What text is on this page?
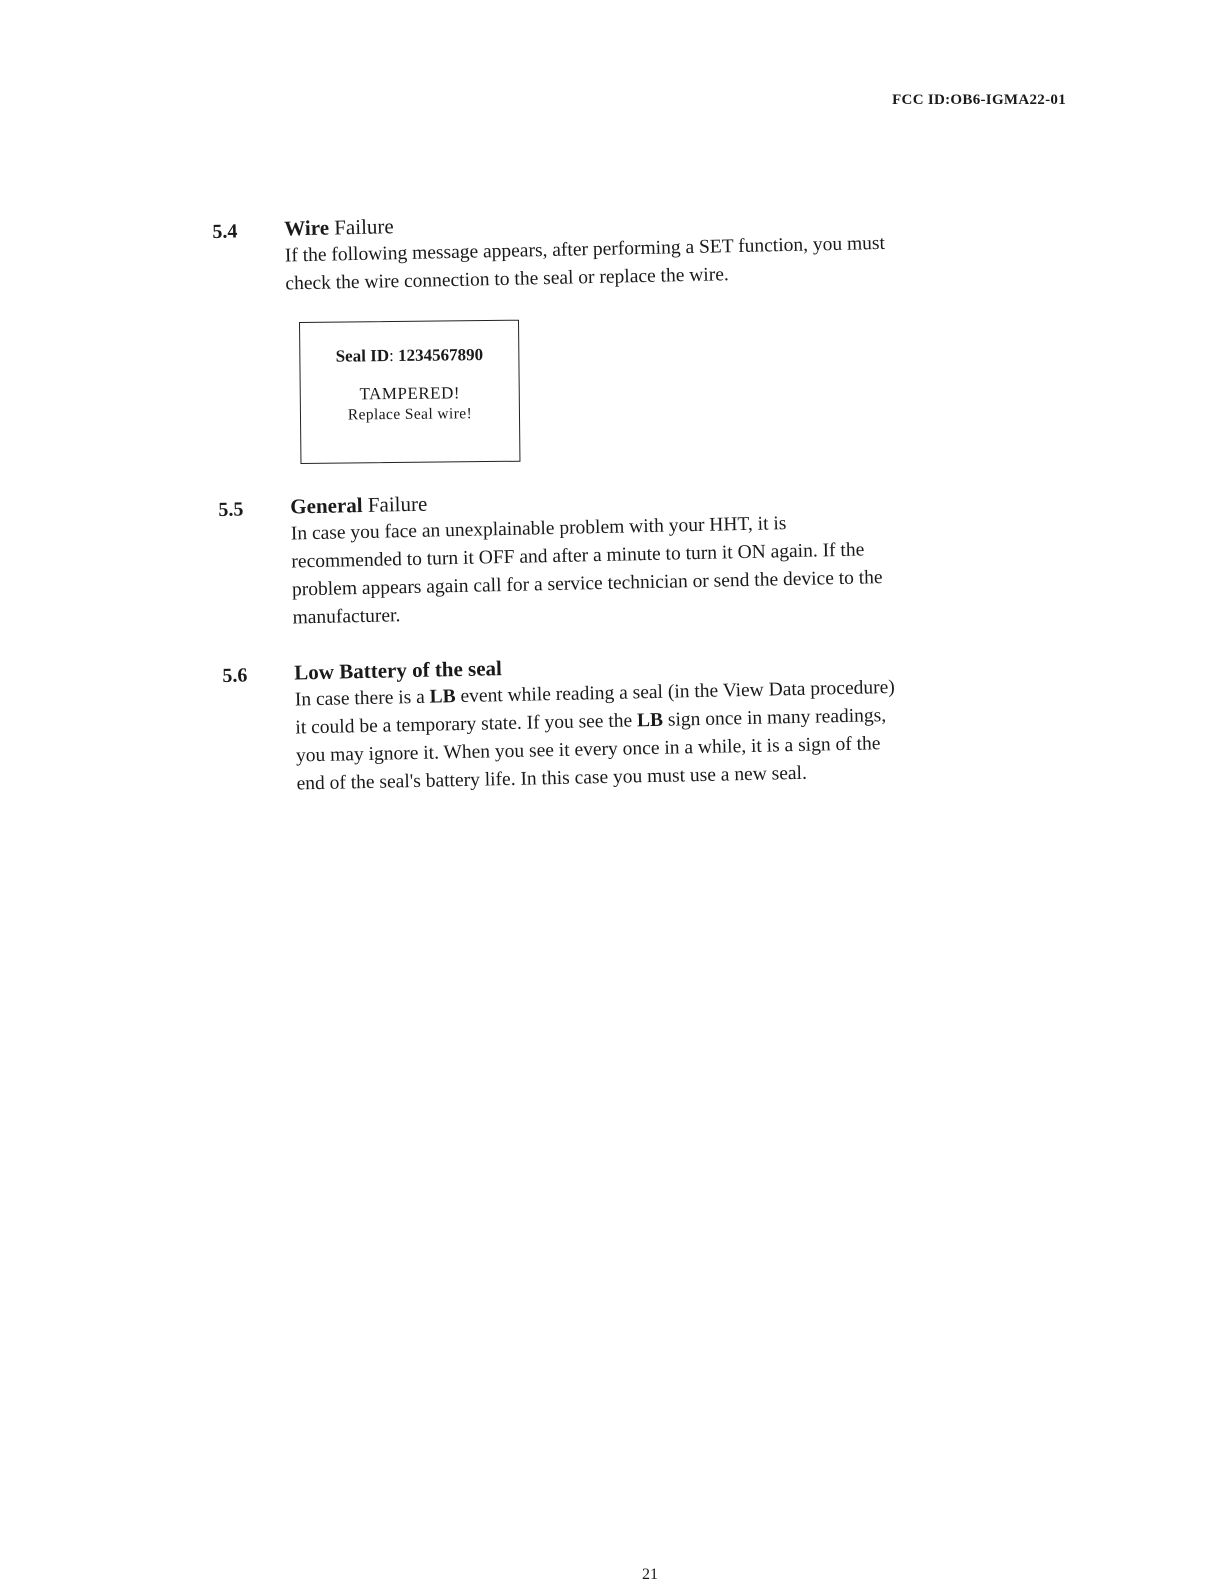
FCC ID:OB6-IGMA22-01
5.4 Wire Failure

If the following message appears, after performing a SET function, you must

check the wire connection to the seal or replace the wire.

Seal ID: 1234567890
TAMPERED!
Replace Seal wire!
5.5 General Failure

In case you face an unexplainable problem with your HHT, it is

recommended to turn it OFF and after a minute to turn it ON again. If the

problem appears again call for a service technician or send the device to the

manufacturer.

5.6 Low Battery of the seal

In case there is a LB event while reading a seal (in the View Data procedure)

it could be a temporary state. If you see the LB sign once in many readings,

you may ignore it. When you see it every once in a while, it is a sign of the

end of the seal's battery life. In this case you must use a new seal.

21
